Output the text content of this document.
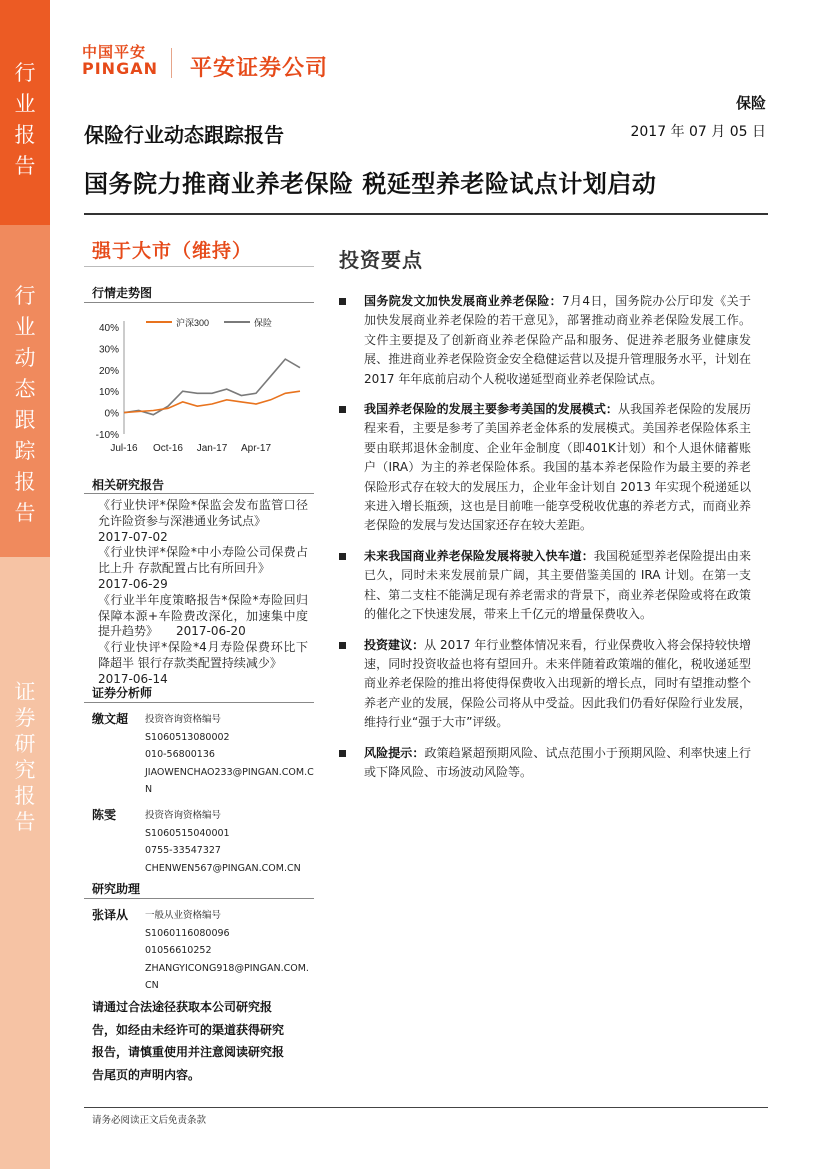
行
业
报
告
行
业
动
态
跟
踪
报
告
证
券
研
究
报
告
中国平安
PINGAN 平安证券公司
保险
保险行业动态跟踪报告	2017 年 07 月 05 日
国务院力推商业养老保险 税延型养老险试点计划启动
强于大市（维持）
行情走势图
40%
30%
20%
10%
0%
-10%
Jul-16 Oct-16 Jan-17 Apr-17
沪深300	保险
相关研究报告
《行业快评*保险*保监会发布监管口径 允许险资参与深港通业务试点》
2017-07-02
《行业快评*保险*中小寿险公司保费占比上升 存款配置占比有所回升》
2017-06-29
《行业半年度策略报告*保险*寿险回归保障本源+车险费改深化，加速集中度提升趋势》 2017-06-20
《行业快评*保险*4月寿险保费环比下降超半 银行存款类配置持续减少》
2017-06-14
证券分析师
缴文超 投资咨询资格编号
S1060513080002
010-56800136
JIAOWENCHAO233@PINGAN.COM.CN
陈雯	投资咨询资格编号
S1060515040001
0755-33547327
CHENWEN567@PINGAN.COM.CN
研究助理
张译从 一般从业资格编号
S1060116080096
01056610252
ZHANGYICONG918@PINGAN.COM.CN
请通过合法途径获取本公司研究报告，如经由未经许可的渠道获得研究报告，请慎重使用并注意阅读研究报告尾页的声明内容。
投资要点
国务院发文加快发展商业养老保险：7月4日，国务院办公厅印发《关于加快发展商业养老保险的若干意见》，部署推动商业养老保险发展工作。文件主要提及了创新商业养老保险产品和服务、促进养老服务业健康发展、推进商业养老保险资金安全稳健运营以及提升管理服务水平，计划在 2017 年年底前启动个人税收递延型商业养老保险试点。
我国养老保险的发展主要参考美国的发展模式：从我国养老保险的发展历程来看，主要是参考了美国养老金体系的发展模式。美国养老保险体系主要由联邦退休金制度、企业年金制度（即401K计划）和个人退休储蓄账户（IRA）为主的养老保险体系。我国的基本养老保险作为最主要的养老保险形式存在较大的发展压力，企业年金计划自 2013 年实现个税递延以来进入增长瓶颈，这也是目前唯一能享受税收优惠的养老方式，而商业养老保险的发展与发达国家还存在较大差距。
未来我国商业养老保险发展将驶入快车道：我国税延型养老保险提出由来已久，同时未来发展前景广阔，其主要借鉴美国的 IRA 计划。在第一支柱、第二支柱不能满足现有养老需求的背景下，商业养老保险或将在政策的催化之下快速发展，带来上千亿元的增量保费收入。
投资建议：从 2017 年行业整体情况来看，行业保费收入将会保持较快增速，同时投资收益也将有望回升。未来伴随着政策端的催化，税收递延型商业养老保险的推出将使得保费收入出现新的增长点，同时有望推动整个养老产业的发展，保险公司将从中受益。因此我们仍看好保险行业发展，维持行业“强于大市”评级。
风险提示：政策趋紧超预期风险、试点范围小于预期风险、利率快速上行或下降风险、市场波动风险等。
请务必阅读正文后免责条款
